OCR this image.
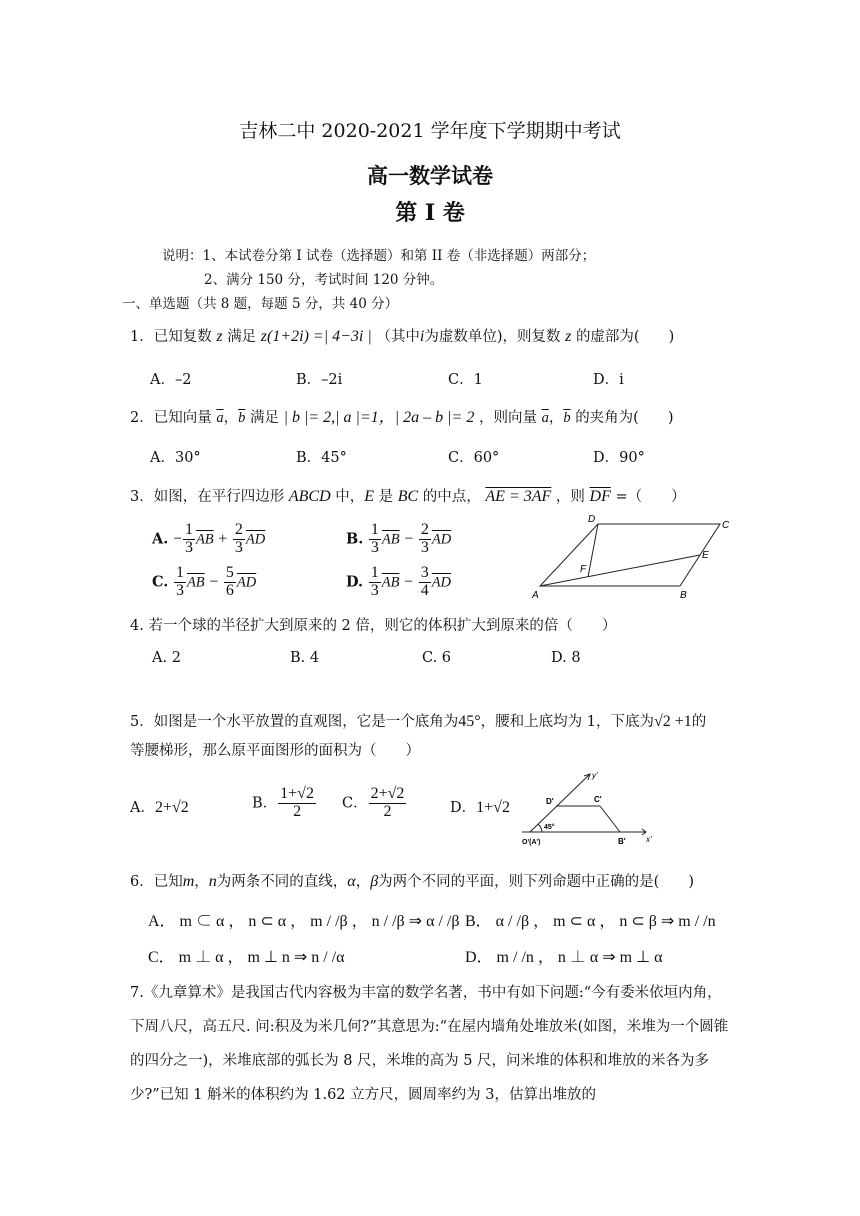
吉林二中 2020-2021 学年度下学期期中考试
高一数学试卷
第 I 卷
说明：1、本试卷分第 I 试卷（选择题）和第 II 卷（非选择题）两部分；
2、满分 150 分，考试时间 120 分钟。
一、单选题（共 8 题，每题 5 分，共 40 分）
1．已知复数 z 满足 z(1+2i) =| 4−3i | （其中i为虚数单位)，则复数 z 的虚部为(　　)
A．–2	B．–2i	C．1	D．i
2．已知向量 $\overline{a}$，$\overline{b}$ 满足 | b |= 2,| a |=1，| 2a – b |= 2 ，则向量 $\overline{a}$，$\overline{b}$ 的夹角为(　　)
A．30°	B．45°	C．60°	D．90°
3．如图，在平行四边形 ABCD 中，E 是 BC 的中点， AE = 3AF ，则 $\overline{DF}$ =（　　）
A. − $\frac{1}{3} \overline{AB} + \frac{2}{3} \overline{AD}$	B. $\frac{1}{3} \overline{AB} - \frac{2}{3} \overline{AD}$
C. $\frac{1}{3} \overline{AB} - \frac{5}{6} \overline{AD}$	D. $\frac{1}{3} \overline{AB} - \frac{3}{4} \overline{AD}$
A	B
C
D
E
F
4. 若一个球的半径扩大到原来的 2 倍，则它的体积扩大到原来的倍（　　）
A. 2	B. 4	C. 6	D. 8
5．如图是一个水平放置的直观图，它是一个底角为45°，腰和上底均为 1，下底为√2 +1的
等腰梯形，那么原平面图形的面积为（　　）
A．2+√2	B． $\frac{1+√2}{2}$ C． $\frac{2+√2}{2}$	D．1+√2
y'
x'
D'	C'
O'(A')	B'
45°
6．已知m，n为两条不同的直线，α，β为两个不同的平面，则下列命题中正确的是(　　)
A． m ⊂ α ， n ⊂ α ， m / /β ， n / /β ⇒ α / /β B． α / /β ， m ⊂ α ， n ⊂ β ⇒ m / /n
C． m ⊥ α ， m ⊥ n ⇒ n / /α	D． m / /n ， n ⊥ α ⇒ m ⊥ α
7.《九章算术》是我国古代内容极为丰富的数学名著，书中有如下问题:“今有委米依垣内角，下周八尺，高五尺. 问:积及为米几何?”其意思为:“在屋内墙角处堆放米(如图，米堆为一个圆锥的四分之一)，米堆底部的弧长为 8 尺，米堆的高为 5 尺，问米堆的体积和堆放的米各为多少?”已知 1 斛米的体积约为 1.62 立方尺，圆周率约为 3，估算出堆放的
